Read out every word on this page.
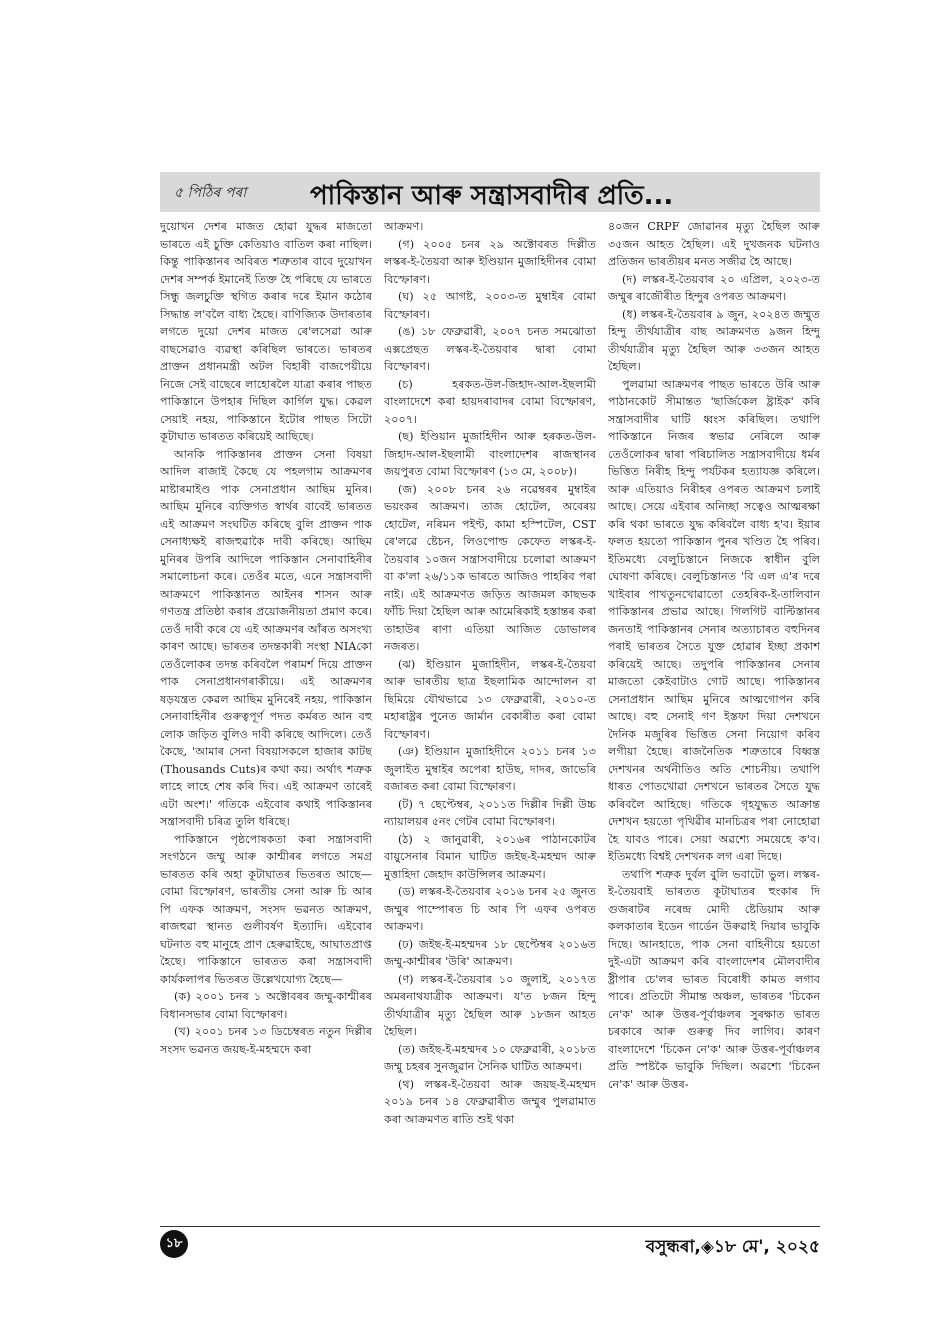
৫ পিঠিৰ পৰা পাকিস্তান আৰু সন্ত্ৰাসবাদীৰ প্ৰতি...

দুয়োখন দেশৰ মাজত হোৱা যুদ্ধৰ মাজতো ভাৰতে এই চুক্তি কেতিয়াও বাতিল কৰা নাছিল। কিন্তু পাকিস্তানৰ অবিৰত শত্ৰুতাৰ বাবে দুয়োখন দেশৰ সম্পৰ্ক ইমানেই তিক্ত হৈ পৰিছে যে ভাৰতে সিন্ধু জলচুক্তি স্থগিত কৰাৰ দৰে ইমান কঠোৰ সিদ্ধান্ত ল'বলৈ বাধ্য হৈছে। বাণিজ্যিক উদাৰতাৰ লগতে দুয়ো দেশৰ মাজত ৰে'লসেৱা আৰু বাছসেৱাও ব্যৱস্থা কৰিছিল ভাৰতে। ভাৰতৰ প্ৰাক্তন প্ৰধানমন্ত্ৰী অটল বিহাৰী বাজপেয়ীয়ে নিজে সেই বাছেৰে লাহোৰলৈ যাত্ৰা কৰাৰ পাছত পাকিস্তানে উপহাৰ দিছিল কাৰ্গিল যুদ্ধ। কেৱল সেয়াই নহয়, পাকিস্তানে ইটোৰ পাছত সিটো কূটাঘাত ভাৰতত কৰিয়েই আছিছে।

আনকি পাকিস্তানৰ প্ৰাক্তন সেনা বিষয়া আদিল ৰাজাই কৈছে যে পহলগাম আক্ৰমণৰ মাষ্টাৰমাইণ্ড পাক সেনাপ্ৰধান আছিম মুনিৰ। আছিম মুনিৰে ব্যক্তিগত স্বাৰ্থৰ বাবেই ভাৰতত এই আক্ৰমণ সংঘটিত কৰিছে বুলি প্ৰাক্তন পাক সেনাধ্যক্ষই ৰাজহুৱাকৈ দাবী কৰিছে। আছিম মুনিৰৰ উপৰি আদিলে পাকিস্তান সেনাবাহিনীৰ সমালোচনা কৰে। তেওঁৰ মতে, এনে সন্ত্ৰাসবাদী আক্ৰমণে পাকিস্তানত আইনৰ শাসন আৰু গণতন্ত্ৰ প্ৰতিষ্ঠা কৰাৰ প্ৰয়োজনীয়তা প্ৰমাণ কৰে। তেওঁ দাবী কৰে যে এই আক্ৰমণৰ আঁৰত অসংখ্য কাৰণ আছে। ভাৰতৰ তদন্তকাৰী সংস্থা NIAকো তেওঁলোকৰ তদন্ত কৰিবলৈ পৰামৰ্শ দিয়ে প্ৰাক্তন পাক সেনাপ্ৰধানগৰাকীয়ে। এই আক্ৰমণৰ ষড়যন্ত্ৰত কেৱল আছিম মুনিৰেই নহয়, পাকিস্তান সেনাবাহিনীৰ গুৰুত্বপূৰ্ণ পদত কৰ্মৰত আন বহু লোক জড়িত বুলিও দাবী কৰিছে আদিলে। তেওঁ কৈছে, 'আমাৰ সেনা বিষয়াসকলে হাজাৰ কাটছ (Thousands Cuts)ৰ কথা কয়। অৰ্থাৎ শত্ৰুক লাহে লাহে শেষ কৰি দিব। এই আক্ৰমণ তাৰেই এটা অংশ।' গতিকে এইবোৰ কথাই পাকিস্তানৰ সন্ত্ৰাসবাদী চৰিত্ৰ তুলি ধৰিছে।

পাকিস্তানে পৃষ্ঠপোষকতা কৰা সন্ত্ৰাসবাদী সংগঠনে জম্মু আৰু কাশ্মীৰৰ লগতে সমগ্ৰ ভাৰতত কৰি অহা কূটাঘাতৰ ভিতৰত আছে— বোমা বিস্ফোৰণ, ভাৰতীয় সেনা আৰু চি আৰ পি এফক আক্ৰমণ, সংসদ ভৱনত আক্ৰমণ, ৰাজহুৱা স্থানত গুলীবৰ্ষণ ইত্যাদি। এইবোৰ ঘটনাত বহু মানুহে প্ৰাণ হেৰুৱাইছে, আঘাতপ্ৰাপ্ত হৈছে। পাকিস্তানে ভাৰতত কৰা সন্ত্ৰাসবাদী কাৰ্যকলাপৰ ভিতৰত উল্লেখযোগ্য হৈছে—

(ক) ২০০১ চনৰ ১ অক্টোবৰৰ জম্মু-কাশ্মীৰৰ বিধানসভাৰ বোমা বিস্ফোৰণ।

(খ) ২০০১ চনৰ ১৩ ডিচেম্বৰত নতুন দিল্লীৰ সংসদ ভৱনত জয়ছ-ই-মহম্মদে কৰা

আক্ৰমণ।

(গ) ২০০৫ চনৰ ২৯ অক্টোবৰত দিল্লীত লস্কৰ-ই-তৈয়বা আৰু ইণ্ডিয়ান মুজাহিদীনৰ বোমা বিস্ফোৰণ।

(ঘ) ২৫ আগষ্ট, ২০০৩-ত মুম্বাইৰ বোমা বিস্ফোৰণ।

(ঙ) ১৮ ফেব্ৰুৱাৰী, ২০০৭ চনত সমঝোতা এক্সপ্ৰেছত লস্কৰ-ই-তৈয়বাৰ দ্বাৰা বোমা বিস্ফোৰণ।

(চ) হৰকত-উল-জিহাদ-আল-ইছলামী বাংলাদেশে কৰা হায়দৰাবাদৰ বোমা বিস্ফোৰণ, ২০০৭।

(ছ) ইণ্ডিয়ান মুজাহিদীন আৰু হৰকত-উল-জিহাদ-আল-ইছলামী বাংলাদেশৰ ৰাজস্থানৰ জয়পুৰত বোমা বিস্ফোৰণ (১৩ মে, ২০০৮)।

(জ) ২০০৮ চনৰ ২৬ নৱেম্বৰৰ মুম্বাইৰ ভয়ংকৰ আক্ৰমণ। তাজ হোটেল, অবেৰয় হোটেল, নৰিমন পইণ্ট, কামা হস্পিটেল, CST ৰে'লৱে ষ্টেচন, লিওপোল্ড কেফেত লস্কৰ-ই-তৈয়বাৰ ১০জন সন্ত্ৰাসবাদীয়ে চলোৱা আক্ৰমণ বা ক'লা ২৬/১১ক ভাৰতে আজিও পাহৰিব পৰা নাই। এই আক্ৰমণত জড়িত আজমল কাছভক ফাঁচি দিয়া হৈছিল আৰু আমেৰিকাই হস্তান্তৰ কৰা তাহাউৰ ৰাণা এতিয়া আজিত ডোভালৰ নজৰত।

(ঝ) ইণ্ডিয়ান মুজাহিদীন, লস্কৰ-ই-তৈয়বা আৰু ভাৰতীয় ছাত্ৰ ইছলামিক আন্দোলন বা ছিমিয়ে যৌথভাৱে ১৩ ফেব্ৰুৱাৰী, ২০১০-ত মহাৰাষ্ট্ৰৰ পুনেত জাৰ্মান বেকাৰীত কৰা বোমা বিস্ফোৰণ।

(ঞ) ইণ্ডিয়ান মুজাহিদীনে ২০১১ চনৰ ১৩ জুলাইত মুম্বাইৰ অপেৰা হাউছ, দাদৰ, জাভেৰি বজাৰত কৰা বোমা বিস্ফোৰণ।

(ট) ৭ ছেপ্টেম্বৰ, ২০১১ত দিল্লীৰ দিল্লী উচ্চ ন্যায়ালয়ৰ ৫নং গেটৰ বোমা বিস্ফোৰণ।

(ঠ) ২ জানুৱাৰী, ২০১৬ৰ পাঠানকোটৰ বায়ুসেনাৰ বিমান ঘাটিত জইছ-ই-মহম্মদ আৰু মুত্তাহিদা জেহাদ কাউন্সিলৰ আক্ৰমণ।

(ড) লস্কৰ-ই-তৈয়বাৰ ২০১৬ চনৰ ২৫ জুনত জম্মুৰ পাম্পোৰত চি আৰ পি এফৰ ওপৰত আক্ৰমণ।

(ঢ) জইছ-ই-মহম্মদৰ ১৮ ছেপ্টেম্বৰ ২০১৬ত জম্মু-কাশ্মীৰৰ 'উৰি' আক্ৰমণ।

(ণ) লস্কৰ-ই-তৈয়বাৰ ১০ জুলাই, ২০১৭ত অমৰনাথযাত্ৰীক আক্ৰমণ। য'ত ৮জন হিন্দু তীৰ্থযাত্ৰীৰ মৃত্যু হৈছিল আৰু ১৮জন আহত হৈছিল।

(ত) জইছ-ই-মহম্মদৰ ১০ ফেব্ৰুৱাৰী, ২০১৮ত জম্মু চহৰৰ সুনজুৱান সৈনিক ঘাটিত আক্ৰমণ।

(থ) লস্কৰ-ই-তৈয়বা আৰু জয়ছ-ই-মহম্মদ ২০১৯ চনৰ ১৪ ফেব্ৰুৱাৰীত জম্মুৰ পুলৱামাত কৰা আক্ৰমণত ৰাতি শুই থকা

৪০জন CRPF জোৱানৰ মৃত্যু হৈছিল আৰু ৩৫জন আহত হৈছিল। এই দুখজনক ঘটনাও প্ৰতিজন ভাৰতীয়ৰ মনত সজীৱ হৈ আছে।

(দ) লস্কৰ-ই-তৈয়বাৰ ২০ এপ্ৰিল, ২০২৩-ত জম্মুৰ ৰাজৌৰীত হিন্দুৰ ওপৰত আক্ৰমণ।

(ধ) লস্কৰ-ই-তৈয়বাৰ ৯ জুন, ২০২৪ত জম্মুত হিন্দু তীৰ্থযাত্ৰীৰ বাছ আক্ৰমণত ৯জন হিন্দু তীৰ্থযাত্ৰীৰ মৃত্যু হৈছিল আৰু ৩৩জন আহত হৈছিল।

পুলৱামা আক্ৰমণৰ পাছত ভাৰতে উৰি আৰু পাঠানকোট সীমান্তত 'ছাৰ্জিকেল ষ্ট্ৰাইক' কৰি সন্ত্ৰাসবাদীৰ ঘাটি ধ্বংস কৰিছিল। তথাপি পাকিস্তানে নিজৰ স্বভাৱ নেৰিলে আৰু তেওঁলোকৰ দ্বাৰা পৰিচালিত সন্ত্ৰাসবাদীয়ে ধৰ্মৰ ভিত্তিত নিৰীহ হিন্দু পৰ্যটকৰ হত্যাযজ্ঞ কৰিলে। আৰু এতিয়াও নিৰীহৰ ওপৰত আক্ৰমণ চলাই আছে। সেয়ে এইবাৰ অনিচ্ছা সত্বেও আত্মৰক্ষা কৰি থকা ভাৰতে যুদ্ধ কৰিবলৈ বাধ্য হ'ব। ইয়াৰ ফলত হয়তো পাকিস্তান পুনৰ খণ্ডিত হৈ পৰিব। ইতিমধ্যে বেলুচিস্তানে নিজকে স্বাধীন বুলি ঘোষণা কৰিছে। বেলুচিস্তানত 'বি এল এ'ৰ দৰে খাইবাৰ পাখতুনখোৱাতো তেহৰিক-ই-তালিবান পাকিস্তানৰ প্ৰভাৱ আছে। গিলগিট বাল্টিস্তানৰ জনতাই পাকিস্তানৰ সেনাৰ অত্যাচাৰত বহুদিনৰ পৰাই ভাৰতৰ সৈতে যুক্ত হোৱাৰ ইচ্ছা প্ৰকাশ কৰিয়েই আছে। তদুপৰি পাকিস্তানৰ সেনাৰ মাজতো কেইবাটাও গোট আছে। পাকিস্তানৰ সেনাপ্ৰধান আছিম মুনিৰে আত্মগোপন কৰি আছে। বহু সেনাই গণ ইস্তফা দিয়া দেশখনে দৈনিক মজুৰিৰ ভিত্তিত সেনা নিয়োগ কৰিব লগীয়া হৈছে। ৰাজনৈতিক শত্ৰুতাৰে বিধ্বস্ত দেশখনৰ অৰ্থনীতিও অতি শোচনীয়। তথাপি ধাৰত পোতখোৱা দেশখনে ভাৰতৰ সৈতে যুদ্ধ কৰিবলৈ আহিছে। গতিকে গৃহযুদ্ধত আক্ৰান্ত দেশখন হয়তো পৃথিৱীৰ মানচিত্ৰৰ পৰা নোহোৱা হৈ যাবও পাৰে। সেয়া অৱশ্যে সময়েহে ক'ব। ইতিমধ্যে বিশ্বই দেশখনক লগ এৰা দিছে।

তথাপি শত্ৰুক দুৰ্বল বুলি ভবাটো ভুল। লস্কৰ-ই-তৈয়বাই ভাৰতত কূটাঘাতৰ হুংকাৰ দি গুজৰাটৰ নৰেন্দ্ৰ মোদী ষ্টেডিয়াম আৰু কলকাতাৰ ইডেন গাৰ্ডেন উৰুৱাই দিয়াৰ ভাবুকি দিছে। আনহাতে, পাক সেনা বাহিনীয়ে হয়তো দুই-এটা আক্ৰমণ কৰি বাংলাদেশৰ মৌলবাদীৰ ষ্ট্ৰীপাৰ চে'লৰ ভাৰত বিৰোধী কামত লগাব পাৰে। প্ৰতিটো সীমান্ত অঞ্চল, ভাৰতৰ 'চিকেন নে'ক' আৰু উত্তৰ-পূৰ্বাঞ্চলৰ সুৰক্ষাত ভাৰত চৰকাৰে আৰু গুৰুত্ব দিব লাগিব। কাৰণ বাংলাদেশে 'চিকেন নে'ক' আৰু উত্তৰ-পূৰ্বাঞ্চলৰ প্ৰতি স্পষ্টকৈ ভাবুকি দিছিল। অৱশ্যে 'চিকেন নে'ক' আৰু উত্তৰ-

১৮	বসুন্ধৰা,◈১৮ মে', ২০২৫
